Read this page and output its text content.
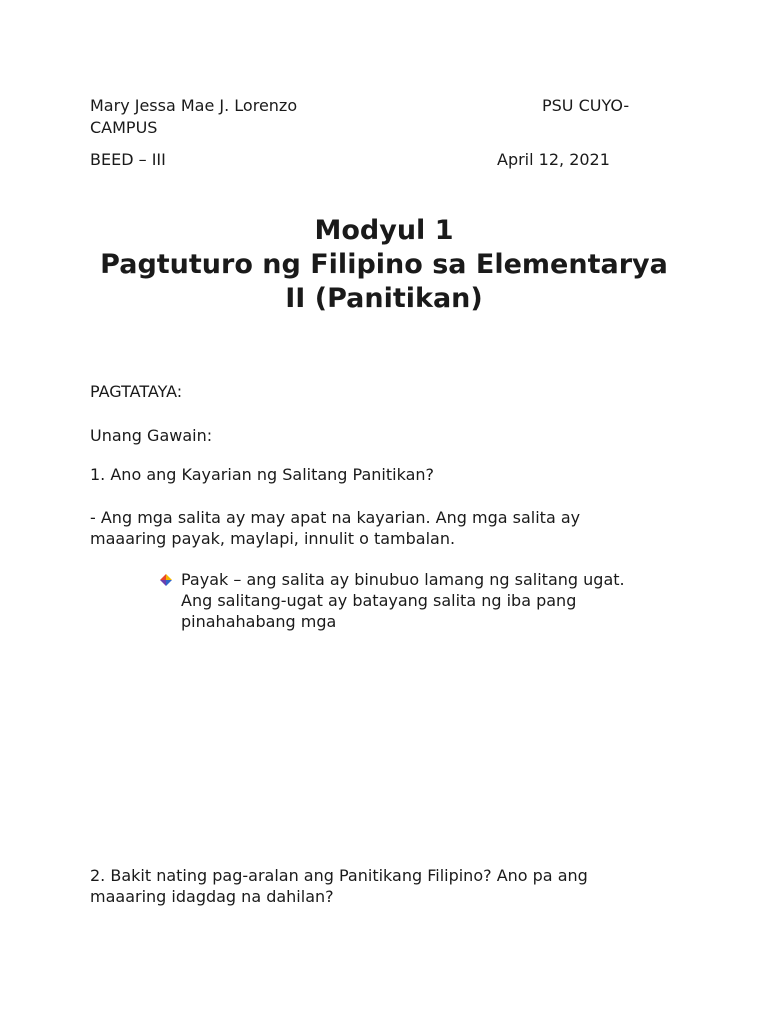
Mary Jessa Mae J. Lorenzo	PSU CUYO-
CAMPUS
BEED – III	April 12, 2021
Modyul 1
Pagtuturo ng Filipino sa Elementarya
II (Panitikan)
PAGTATAYA:
Unang Gawain:
1. Ano ang Kayarian ng Salitang Panitikan?
- Ang mga salita ay may apat na kayarian. Ang mga salita ay
maaaring payak, maylapi, innulit o tambalan.
Payak – ang salita ay binubuo lamang ng salitang ugat.
Ang salitang-ugat ay batayang salita ng iba pang
pinahahabang mga
2. Bakit nating pag-aralan ang Panitikang Filipino? Ano pa ang
maaaring idagdag na dahilan?
